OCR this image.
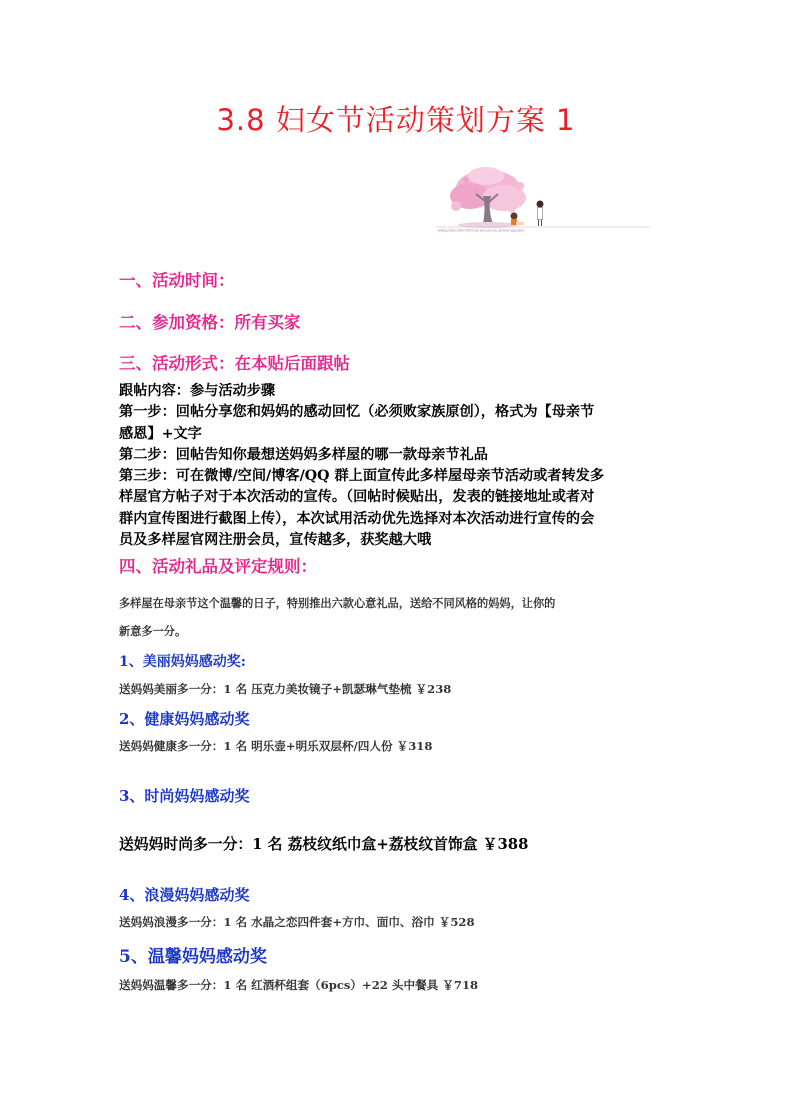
3.8 妇女节活动策划方案 1
www.photo.2ath.00rth.ox.yolo.pin.yo.cartoon.jpg.abhr

一、活动时间：

二、参加资格：所有买家

三、活动形式：在本贴后面跟帖

跟帖内容：参与活动步骤
第一步：回帖分享您和妈妈的感动回忆（必须败家族原创），格式为【母亲节
感恩】+文字
第二步：回帖告知你最想送妈妈多样屋的哪一款母亲节礼品
第三步：可在微博/空间/博客/QQ 群上面宣传此多样屋母亲节活动或者转发多
样屋官方帖子对于本次活动的宣传。（回帖时候贴出，发表的链接地址或者对
群内宣传图进行截图上传），本次试用活动优先选择对本次活动进行宣传的会
员及多样屋官网注册会员，宣传越多，获奖越大哦

四、活动礼品及评定规则：

多样屋在母亲节这个温馨的日子，特别推出六款心意礼品，送给不同风格的妈妈，让你的
新意多一分。

1、美丽妈妈感动奖:

送妈妈美丽多一分：1 名 压克力美妆镜子+凯瑟琳气垫梳 ￥238

2、健康妈妈感动奖

送妈妈健康多一分：1 名 明乐壶+明乐双层杯/四人份 ￥318

3、时尚妈妈感动奖

送妈妈时尚多一分：1 名 荔枝纹纸巾盒+荔枝纹首饰盒 ￥388

4、浪漫妈妈感动奖

送妈妈浪漫多一分：1 名 水晶之恋四件套+方巾、面巾、浴巾 ￥528

5、温馨妈妈感动奖

送妈妈温馨多一分：1 名 红酒杯组套（6pcs）+22 头中餐具 ￥718
